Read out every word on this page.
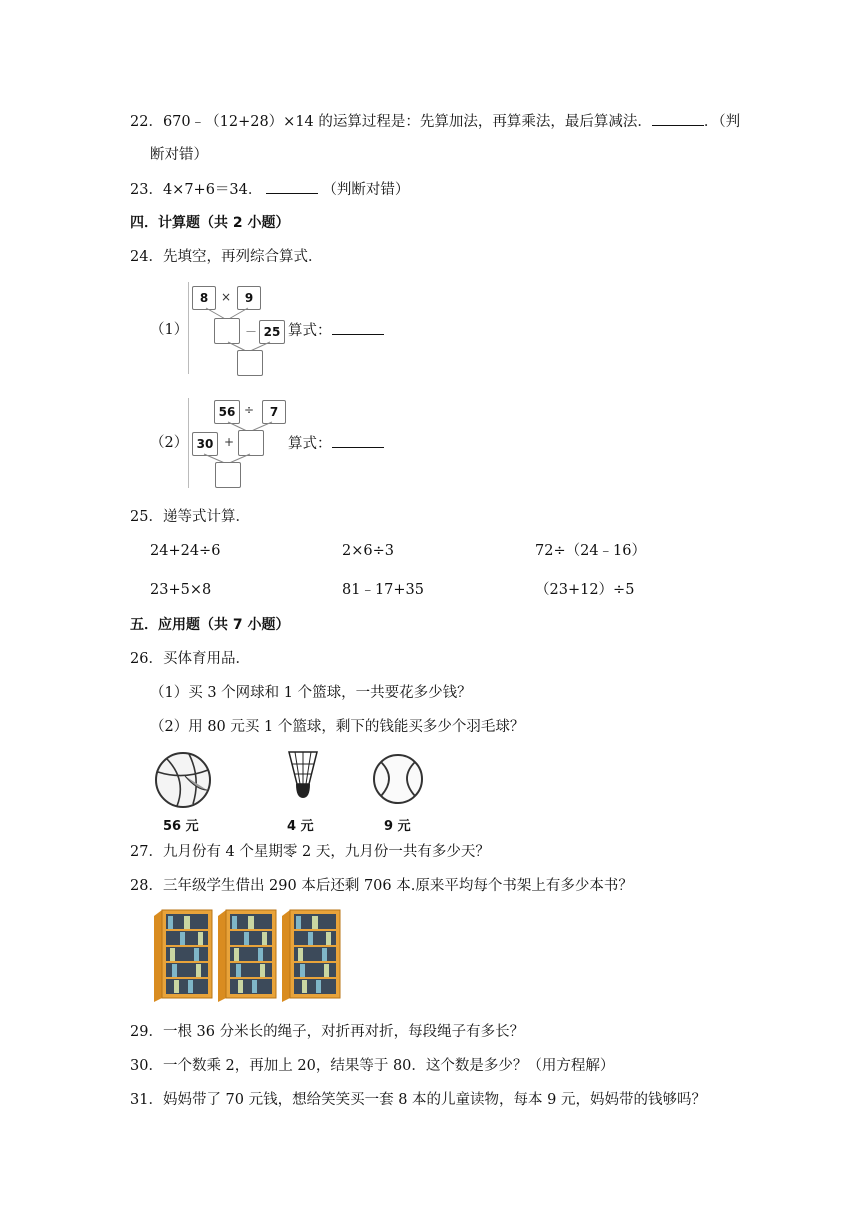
22．670﹣（12+28）×14 的运算过程是：先算加法，再算乘法，最后算减法．	．（判
断对错）
23．4×7+6＝34．	（判断对错）
四．计算题（共 2 小题）
24．先填空，再列综合算式．
（1）
8	×	9
－ 25 算式：
（2）
56 ÷	7
30 +	算式：
25．递等式计算．
24+24÷6	2×6÷3	72÷（24﹣16）
23+5×8	81﹣17+35	（23+12）÷5
五．应用题（共 7 小题）
26．买体育用品．
（1）买 3 个网球和 1 个篮球，一共要花多少钱？
（2）用 80 元买 1 个篮球，剩下的钱能买多少个羽毛球？
56 元	4 元	9 元
27．九月份有 4 个星期零 2 天，九月份一共有多少天？
28．三年级学生借出 290 本后还剩 706 本.原来平均每个书架上有多少本书？
29．一根 36 分米长的绳子，对折再对折，每段绳子有多长？
30．一个数乘 2，再加上 20，结果等于 80．这个数是多少？（用方程解）
31．妈妈带了 70 元钱，想给笑笑买一套 8 本的儿童读物，每本 9 元，妈妈带的钱够吗？
